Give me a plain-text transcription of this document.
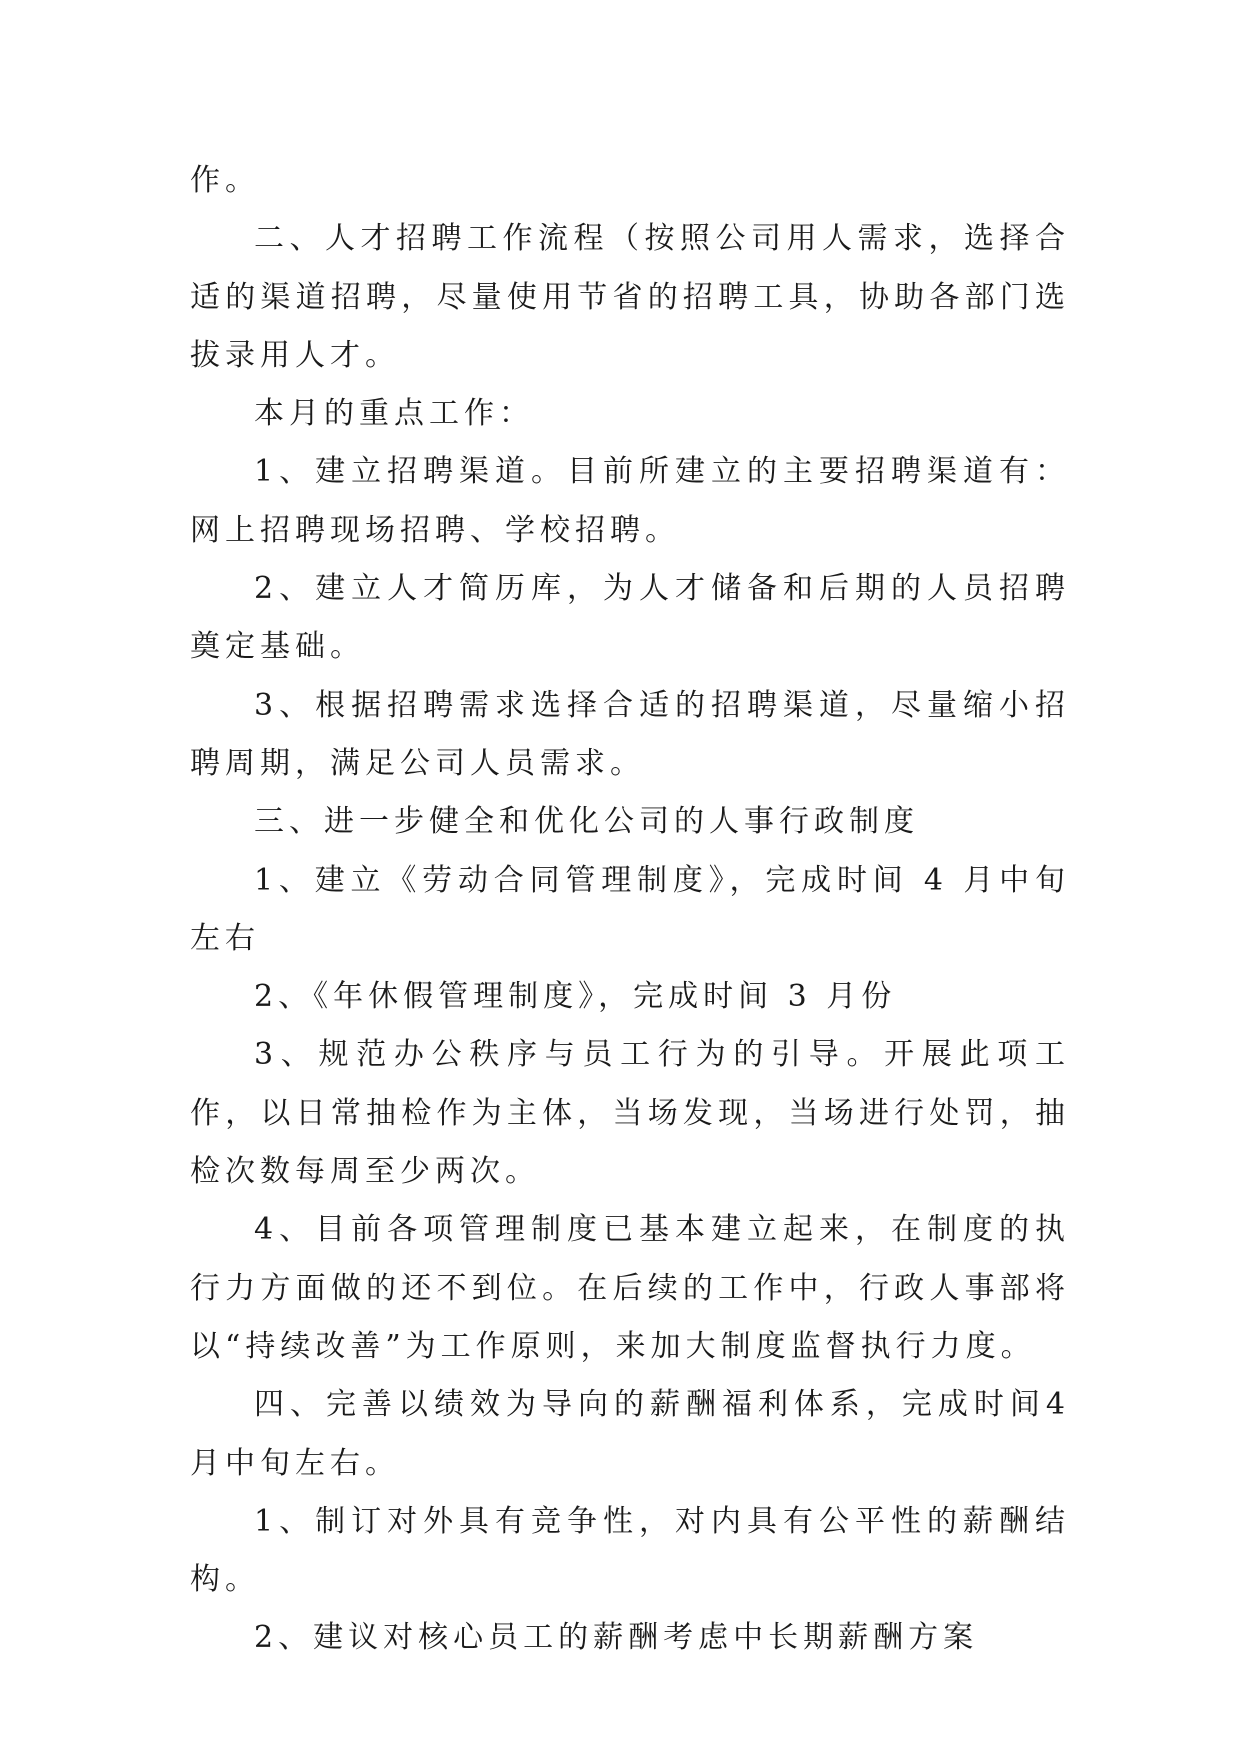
作。

二、人才招聘工作流程（按照公司用人需求，选择合适的渠道招聘，尽量使用节省的招聘工具，协助各部门选拔录用人才。

本月的重点工作：

1、建立招聘渠道。目前所建立的主要招聘渠道有：网上招聘现场招聘、学校招聘。

2、建立人才简历库，为人才储备和后期的人员招聘奠定基础。

3、根据招聘需求选择合适的招聘渠道，尽量缩小招聘周期，满足公司人员需求。

三、进一步健全和优化公司的人事行政制度

1、建立《劳动合同管理制度》，完成时间 4 月中旬左右

2、《年休假管理制度》，完成时间 3 月份

3、规范办公秩序与员工行为的引导。开展此项工作，以日常抽检作为主体，当场发现，当场进行处罚，抽检次数每周至少两次。

4、目前各项管理制度已基本建立起来，在制度的执行力方面做的还不到位。在后续的工作中，行政人事部将以“持续改善”为工作原则，来加大制度监督执行力度。

四、完善以绩效为导向的薪酬福利体系，完成时间4月中旬左右。

1、制订对外具有竞争性，对内具有公平性的薪酬结构。

2、建议对核心员工的薪酬考虑中长期薪酬方案
